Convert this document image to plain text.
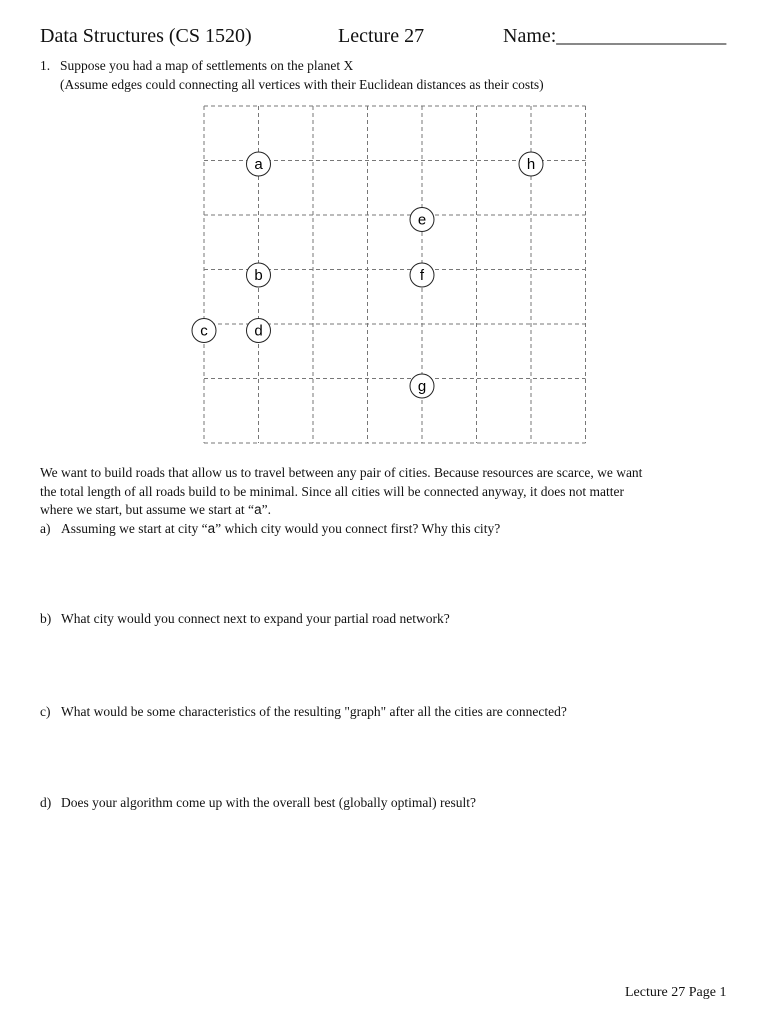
Data Structures (CS 1520)	Lecture 27	Name:_________________
1. Suppose you had a map of settlements on the planet X
(Assume edges could connecting all vertices with their Euclidean distances as their costs)
a	h
e
b	f
c	d
g
We want to build roads that allow us to travel between any pair of cities. Because resources are scarce, we want
the total length of all roads build to be minimal. Since all cities will be connected anyway, it does not matter
where we start, but assume we start at “a”.
a) Assuming we start at city “a” which city would you connect first? Why this city?
b) What city would you connect next to expand your partial road network?
c) What would be some characteristics of the resulting "graph" after all the cities are connected?
d) Does your algorithm come up with the overall best (globally optimal) result?
Lecture 27 Page 1
